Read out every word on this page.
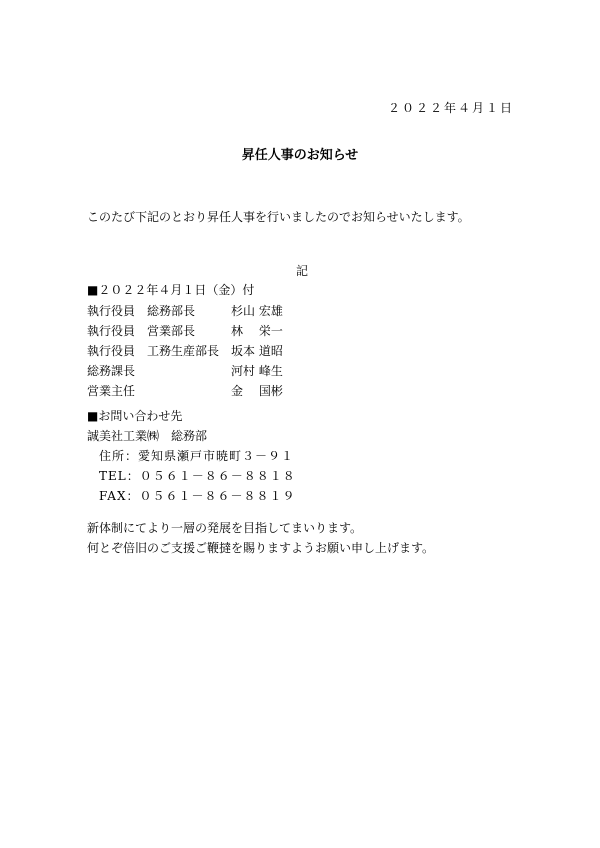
２０２２年４月１日
昇任人事のお知らせ
このたび下記のとおり昇任人事を行いましたのでお知らせいたします。
記
■２０２２年４月１日（金）付
執行役員	総務部長	杉山 宏雄
執行役員	営業部長	林　 栄一
執行役員	工務生産部長	坂本 道昭
総務課長		河村 峰生
営業主任		金　 国彬
■お問い合わせ先
誠美社工業㈱　総務部
住所：愛知県瀬戸市暁町３－９１
TEL：０５６１－８６－８８１８
FAX：０５６１－８６－８８１９
新体制にてより一層の発展を目指してまいります。
何とぞ倍旧のご支援ご鞭撻を賜りますようお願い申し上げます。
